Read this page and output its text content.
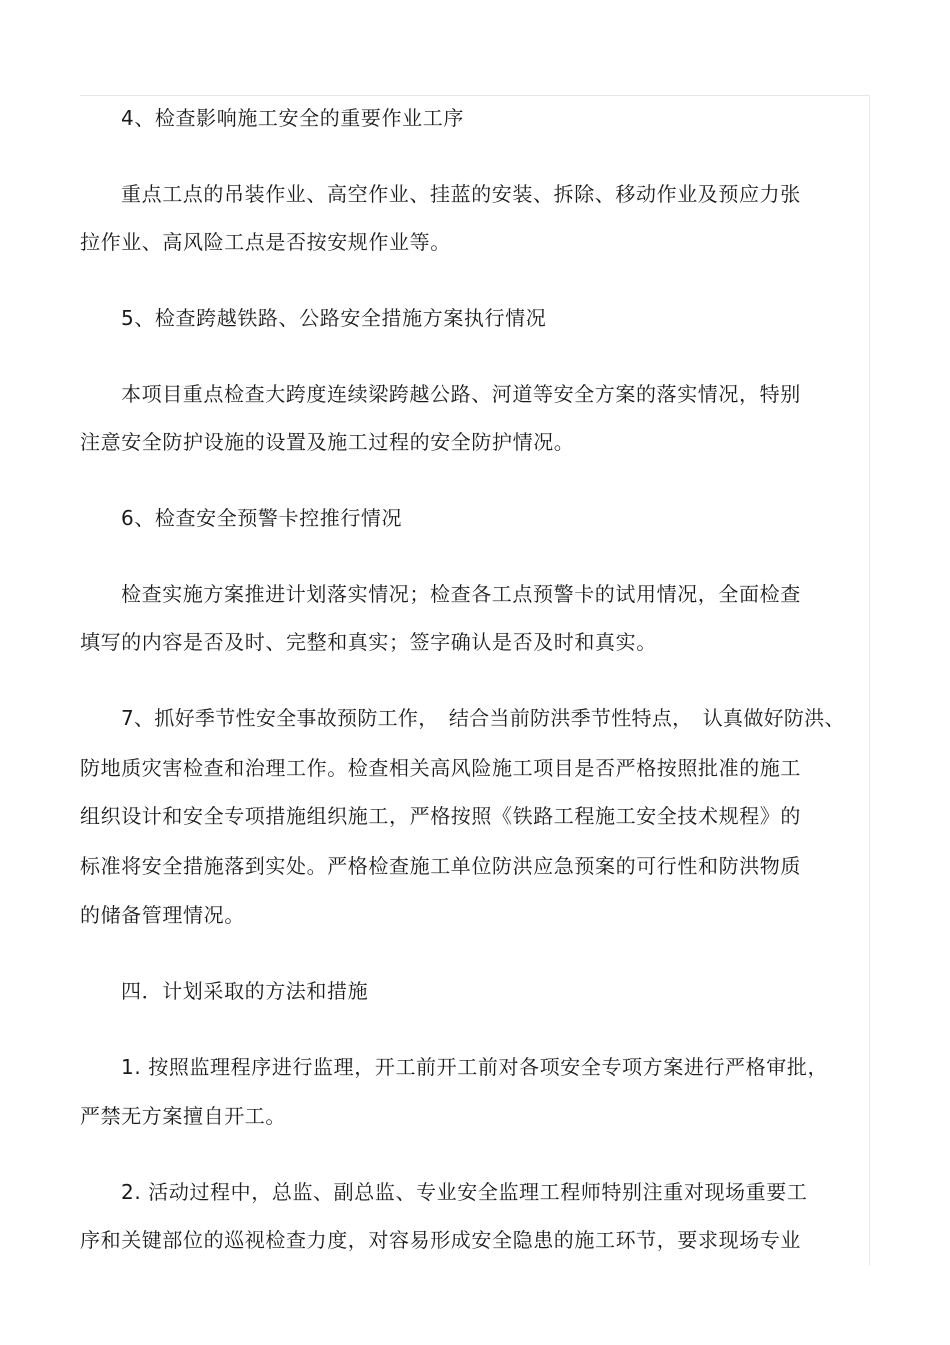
4、检查影响施工安全的重要作业工序
重点工点的吊装作业、高空作业、挂蓝的安装、拆除、移动作业及预应力张
拉作业、高风险工点是否按安规作业等。
5、检查跨越铁路、公路安全措施方案执行情况
本项目重点检查大跨度连续梁跨越公路、河道等安全方案的落实情况，特别
注意安全防护设施的设置及施工过程的安全防护情况。
6、检查安全预警卡控推行情况
检查实施方案推进计划落实情况；检查各工点预警卡的试用情况，全面检查
填写的内容是否及时、完整和真实；签字确认是否及时和真实。
7、抓好季节性安全事故预防工作，　结合当前防洪季节性特点，　认真做好防洪、
防地质灾害检查和治理工作。检查相关高风险施工项目是否严格按照批准的施工
组织设计和安全专项措施组织施工，严格按照《铁路工程施工安全技术规程》的
标准将安全措施落到实处。严格检查施工单位防洪应急预案的可行性和防洪物质
的储备管理情况。
四．计划采取的方法和措施
1. 按照监理程序进行监理，开工前开工前对各项安全专项方案进行严格审批，
严禁无方案擅自开工。
2. 活动过程中，总监、副总监、专业安全监理工程师特别注重对现场重要工
序和关键部位的巡视检查力度，对容易形成安全隐患的施工环节，要求现场专业
